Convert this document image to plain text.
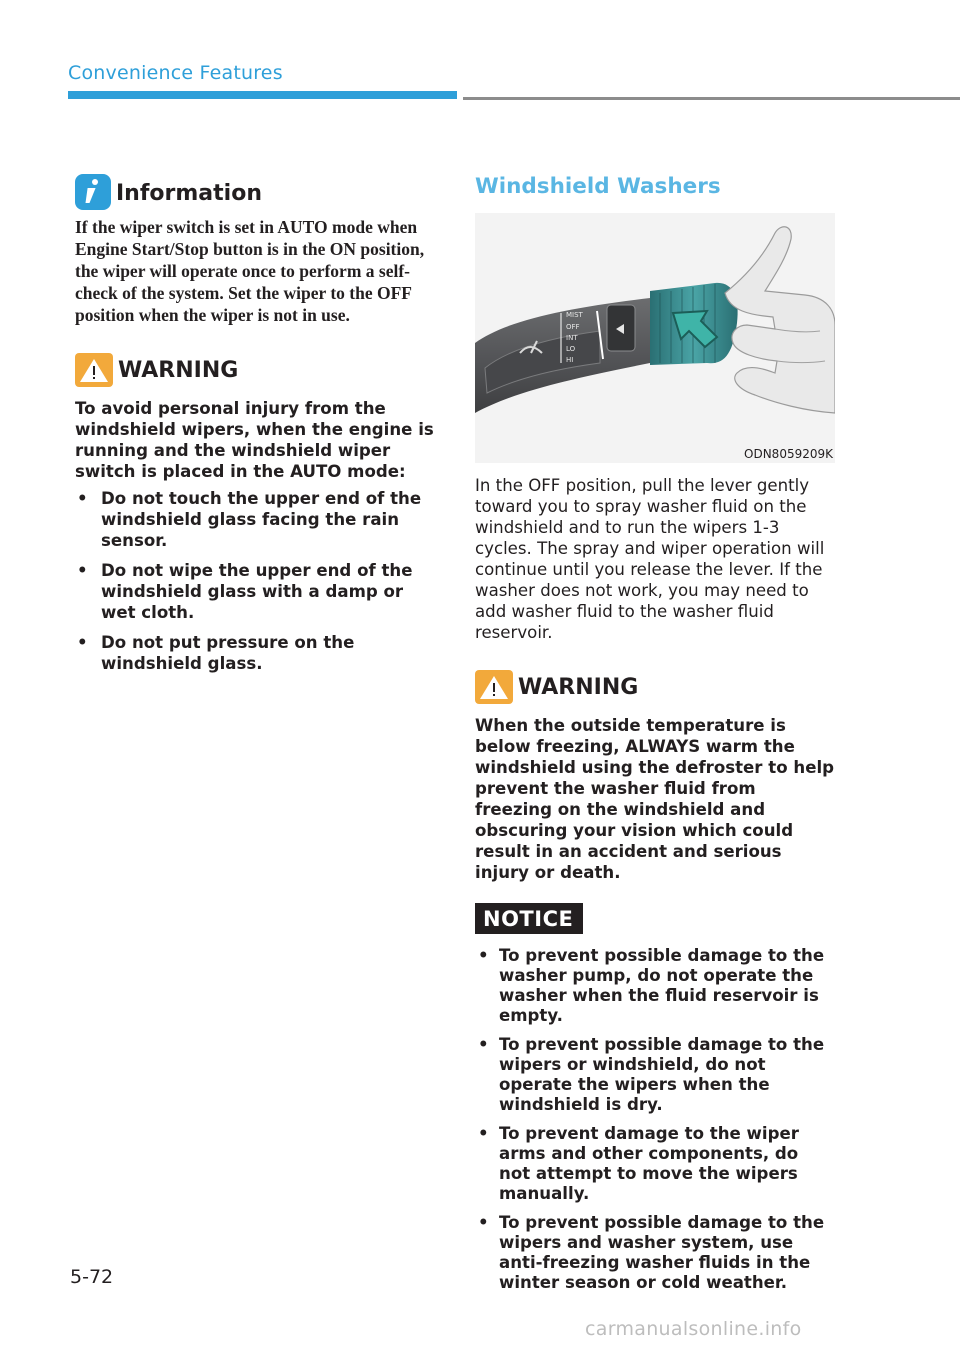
Convenience Features
Information

If the wiper switch is set in AUTO mode when Engine Start/Stop button is in the ON position, the wiper will operate once to perform a self-check of the system. Set the wiper to the OFF position when the wiper is not in use.

WARNING

To avoid personal injury from the windshield wipers, when the engine is running and the windshield wiper switch is placed in the AUTO mode:

• Do not touch the upper end of the windshield glass facing the rain sensor.
• Do not wipe the upper end of the windshield glass with a damp or wet cloth.
• Do not put pressure on the windshield glass.
Windshield Washers
MIST
OFF
INT
LO
HI
ODN8059209K

In the OFF position, pull the lever gently toward you to spray washer fluid on the windshield and to run the wipers 1-3 cycles. The spray and wiper operation will continue until you release the lever. If the washer does not work, you may need to add washer fluid to the washer fluid reservoir.

WARNING

When the outside temperature is below freezing, ALWAYS warm the windshield using the defroster to help prevent the washer fluid from freezing on the windshield and obscuring your vision which could result in an accident and serious injury or death.

NOTICE
• To prevent possible damage to the washer pump, do not operate the washer when the fluid reservoir is empty.
• To prevent possible damage to the wipers or windshield, do not operate the wipers when the windshield is dry.
• To prevent damage to the wiper arms and other components, do not attempt to move the wipers manually.
• To prevent possible damage to the wipers and washer system, use anti-freezing washer fluids in the winter season or cold weather.
5-72
carmanualsonline.info
